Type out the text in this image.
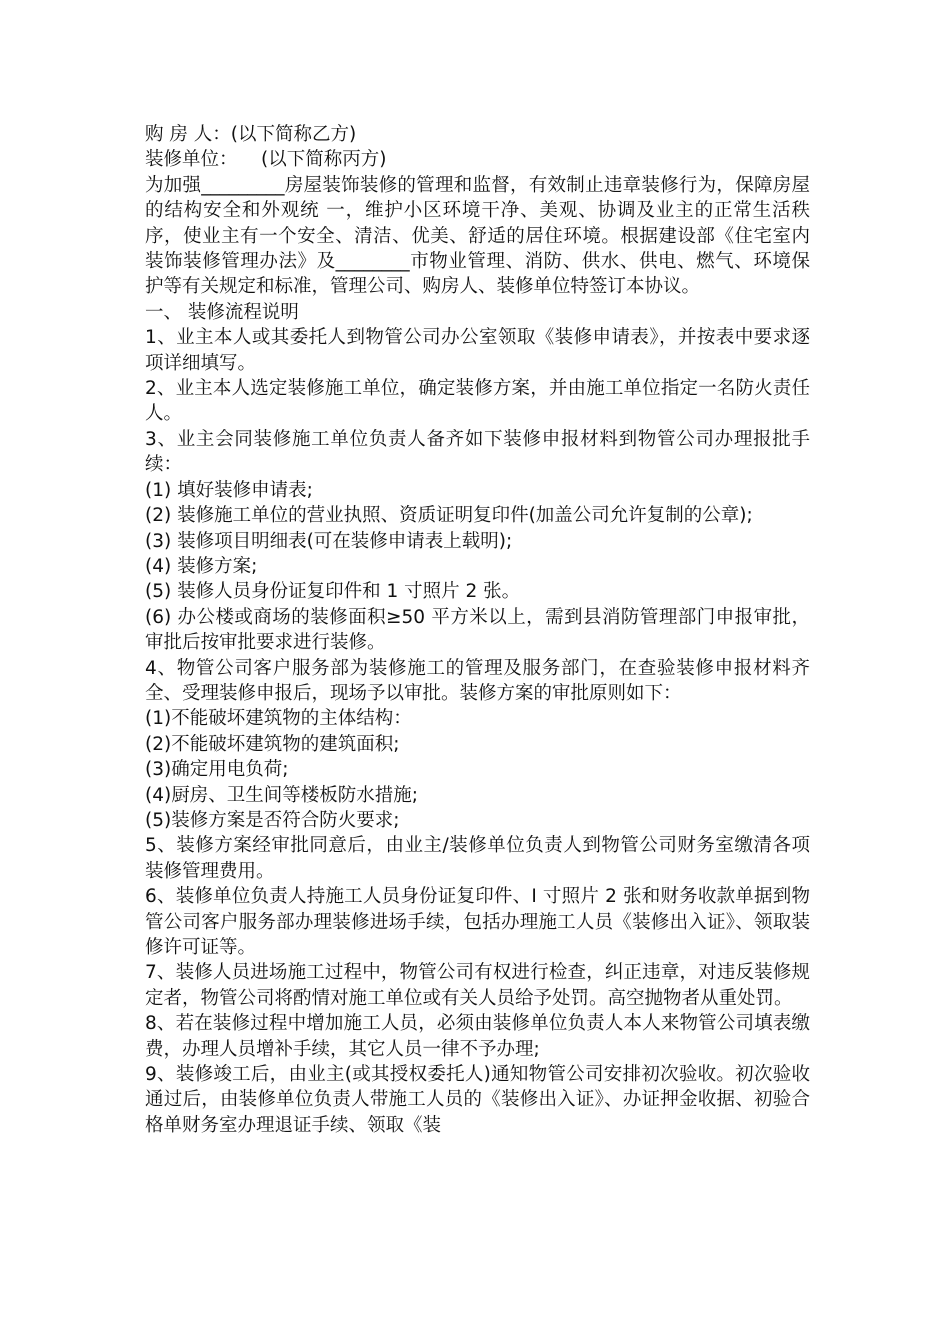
购 房 人：(以下简称乙方)

装修单位：    (以下简称丙方)

为加强_________房屋装饰装修的管理和监督，有效制止违章装修行为，保障房屋的结构安全和外观统 一，维护小区环境干净、美观、协调及业主的正常生活秩序，使业主有一个安全、清洁、优美、舒适的居住环境。根据建设部《住宅室内装饰装修管理办法》及________市物业管理、消防、供水、供电、燃气、环境保护等有关规定和标准，管理公司、购房人、装修单位特签订本协议。

一、 装修流程说明

1、业主本人或其委托人到物管公司办公室领取《装修申请表》，并按表中要求逐项详细填写。

2、业主本人选定装修施工单位，确定装修方案，并由施工单位指定一名防火责任人。

3、业主会同装修施工单位负责人备齐如下装修申报材料到物管公司办理报批手续：

(1) 填好装修申请表;

(2) 装修施工单位的营业执照、资质证明复印件(加盖公司允许复制的公章);

(3) 装修项目明细表(可在装修申请表上载明);

(4) 装修方案;

(5) 装修人员身份证复印件和 1 寸照片 2 张。

(6) 办公楼或商场的装修面积≥50 平方米以上，需到县消防管理部门申报审批，审批后按审批要求进行装修。

4、物管公司客户服务部为装修施工的管理及服务部门，在查验装修申报材料齐全、受理装修申报后，现场予以审批。装修方案的审批原则如下：

(1)不能破坏建筑物的主体结构：

(2)不能破坏建筑物的建筑面积;

(3)确定用电负荷;

(4)厨房、卫生间等楼板防水措施;

(5)装修方案是否符合防火要求;

5、装修方案经审批同意后，由业主/装修单位负责人到物管公司财务室缴清各项装修管理费用。

6、装修单位负责人持施工人员身份证复印件、I 寸照片 2 张和财务收款单据到物管公司客户服务部办理装修进场手续，包括办理施工人员《装修出入证》、领取装修许可证等。

7、装修人员进场施工过程中，物管公司有权进行检查，纠正违章，对违反装修规定者，物管公司将酌情对施工单位或有关人员给予处罚。高空抛物者从重处罚。

8、若在装修过程中增加施工人员，必须由装修单位负责人本人来物管公司填表缴费，办理人员增补手续，其它人员一律不予办理;

9、装修竣工后，由业主(或其授权委托人)通知物管公司安排初次验收。初次验收通过后，由装修单位负责人带施工人员的《装修出入证》、办证押金收据、初验合格单财务室办理退证手续、领取《装
